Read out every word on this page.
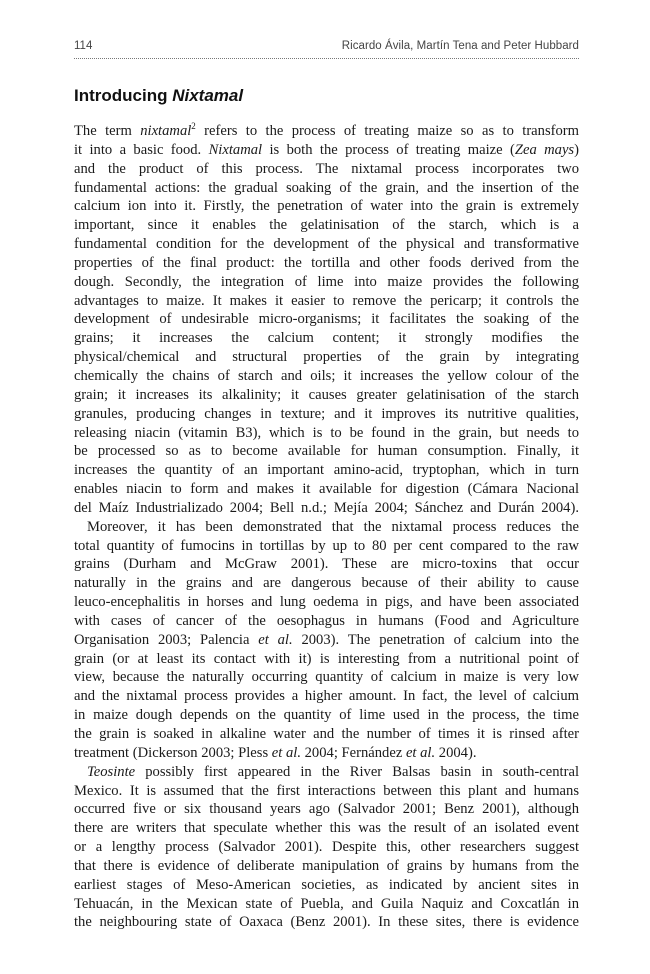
114	Ricardo Ávila, Martín Tena and Peter Hubbard
Introducing Nixtamal
The term nixtamal$^2$ refers to the process of treating maize so as to transform
it into a basic food. Nixtamal is both the process of treating maize (Zea mays)
and the product of this process. The nixtamal process incorporates two
fundamental actions: the gradual soaking of the grain, and the insertion of the
calcium ion into it. Firstly, the penetration of water into the grain is extremely
important, since it enables the gelatinisation of the starch, which is a
fundamental condition for the development of the physical and transformative
properties of the final product: the tortilla and other foods derived from the
dough. Secondly, the integration of lime into maize provides the following
advantages to maize. It makes it easier to remove the pericarp; it controls the
development of undesirable micro-organisms; it facilitates the soaking of the
grains; it increases the calcium content; it strongly modifies the
physical/chemical and structural properties of the grain by integrating
chemically the chains of starch and oils; it increases the yellow colour of the
grain; it increases its alkalinity; it causes greater gelatinisation of the starch
granules, producing changes in texture; and it improves its nutritive qualities,
releasing niacin (vitamin B3), which is to be found in the grain, but needs to
be processed so as to become available for human consumption. Finally, it
increases the quantity of an important amino-acid, tryptophan, which in turn
enables niacin to form and makes it available for digestion (Cámara Nacional
del Maíz Industrializado 2004; Bell n.d.; Mejía 2004; Sánchez and Durán 2004).
Moreover, it has been demonstrated that the nixtamal process reduces the
total quantity of fumocins in tortillas by up to 80 per cent compared to the raw
grains (Durham and McGraw 2001). These are micro-toxins that occur
naturally in the grains and are dangerous because of their ability to cause
leuco-encephalitis in horses and lung oedema in pigs, and have been associated
with cases of cancer of the oesophagus in humans (Food and Agriculture
Organisation 2003; Palencia et al. 2003). The penetration of calcium into the
grain (or at least its contact with it) is interesting from a nutritional point of
view, because the naturally occurring quantity of calcium in maize is very low
and the nixtamal process provides a higher amount. In fact, the level of calcium
in maize dough depends on the quantity of lime used in the process, the time
the grain is soaked in alkaline water and the number of times it is rinsed after
treatment (Dickerson 2003; Pless et al. 2004; Fernández et al. 2004).
Teosinte possibly first appeared in the River Balsas basin in south-central
Mexico. It is assumed that the first interactions between this plant and humans
occurred five or six thousand years ago (Salvador 2001; Benz 2001), although
there are writers that speculate whether this was the result of an isolated event
or a lengthy process (Salvador 2001). Despite this, other researchers suggest
that there is evidence of deliberate manipulation of grains by humans from the
earliest stages of Meso-American societies, as indicated by ancient sites in
Tehuacán, in the Mexican state of Puebla, and Guila Naquiz and Coxcatlán in
the neighbouring state of Oaxaca (Benz 2001). In these sites, there is evidence
